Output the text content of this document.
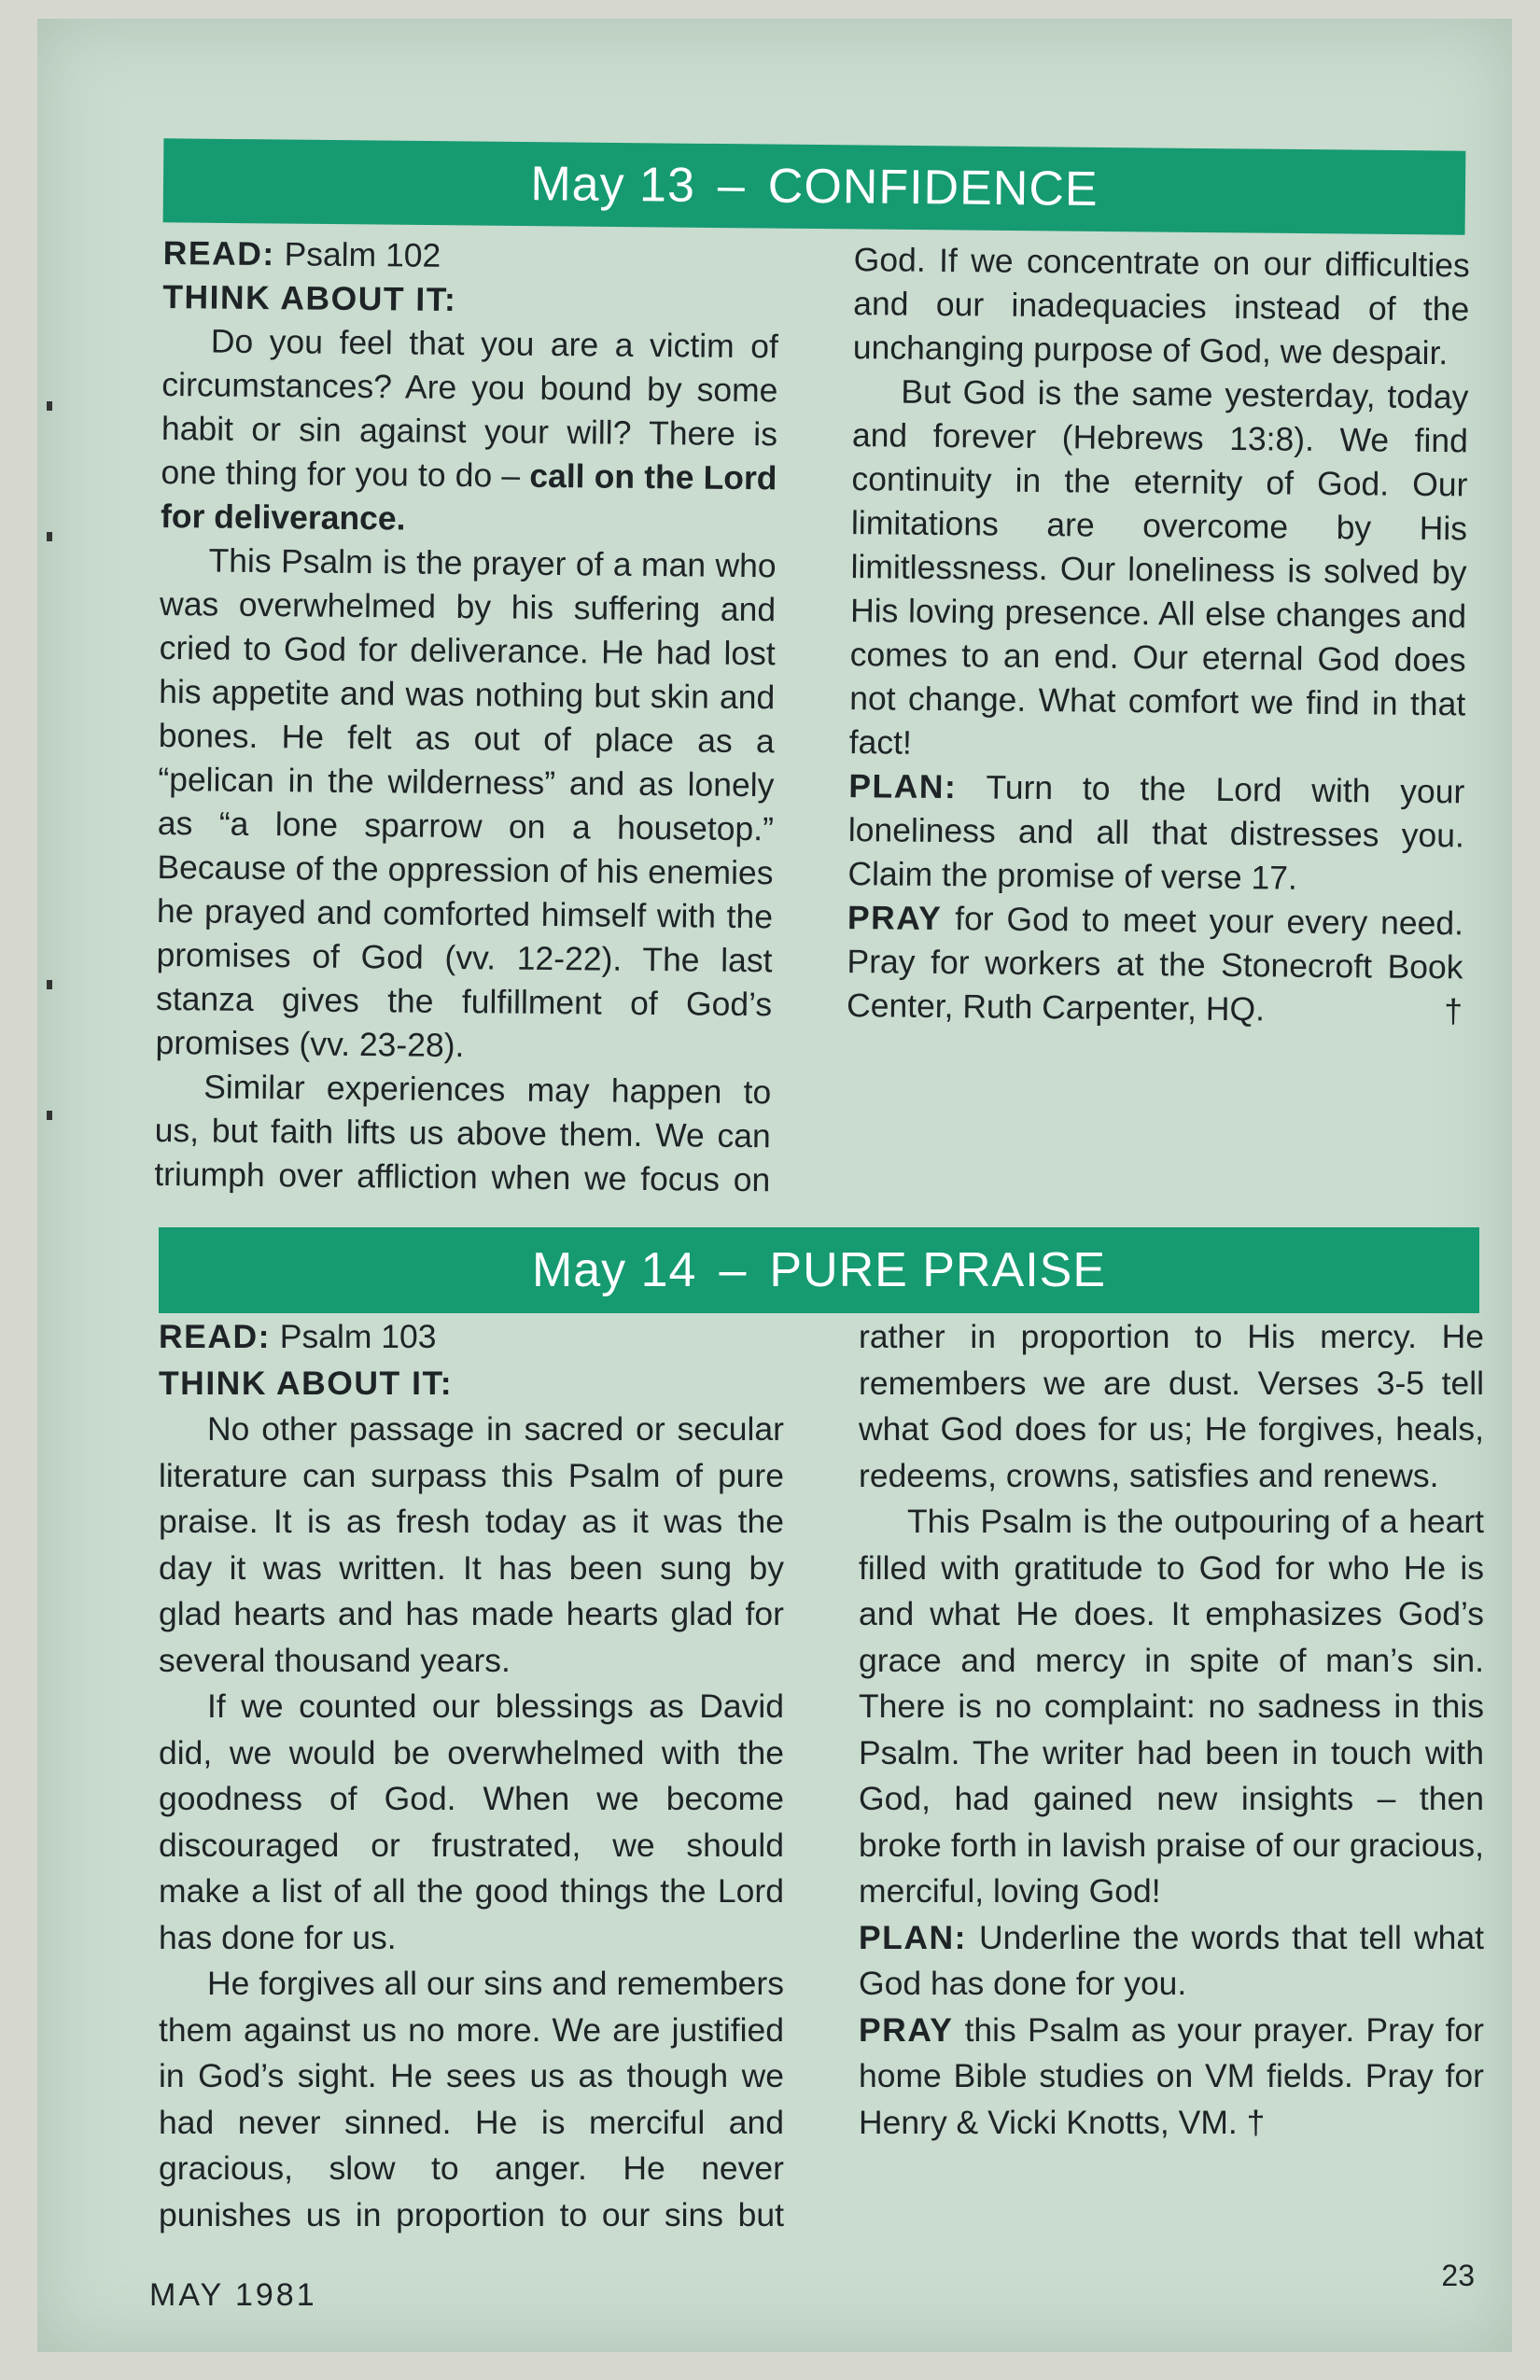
May 13 – CONFIDENCE

READ: Psalm 102

THINK ABOUT IT:

Do you feel that you are a victim of circumstances? Are you bound by some habit or sin against your will? There is one thing for you to do – call on the Lord for deliverance.

This Psalm is the prayer of a man who was overwhelmed by his suffering and cried to God for deliverance. He had lost his appetite and was nothing but skin and bones. He felt as out of place as a “pelican in the wilderness” and as lonely as “a lone sparrow on a housetop.” Because of the oppression of his enemies he prayed and comforted himself with the promises of God (vv. 12-22). The last stanza gives the fulfillment of God’s promises (vv. 23-28).

Similar experiences may happen to us, but faith lifts us above them. We can triumph over affliction when we focus on God. If we concentrate on our difficulties and our inadequacies instead of the unchanging purpose of God, we despair.

But God is the same yesterday, today and forever (Hebrews 13:8). We find continuity in the eternity of God. Our limitations are overcome by His limitlessness. Our loneliness is solved by His loving presence. All else changes and comes to an end. Our eternal God does not change. What comfort we find in that fact!

PLAN: Turn to the Lord with your loneliness and all that distresses you. Claim the promise of verse 17.

PRAY for God to meet your every need. Pray for workers at the Stonecroft Book Center, Ruth Carpenter, HQ.	†

May 14 – PURE PRAISE

READ: Psalm 103

THINK ABOUT IT:

No other passage in sacred or secular literature can surpass this Psalm of pure praise. It is as fresh today as it was the day it was written. It has been sung by glad hearts and has made hearts glad for several thousand years.

If we counted our blessings as David did, we would be overwhelmed with the goodness of God. When we become discouraged or frustrated, we should make a list of all the good things the Lord has done for us.

He forgives all our sins and remembers them against us no more. We are justified in God’s sight. He sees us as though we had never sinned. He is merciful and gracious, slow to anger. He never punishes us in proportion to our sins but rather in proportion to His mercy. He remembers we are dust. Verses 3-5 tell what God does for us; He forgives, heals, redeems, crowns, satisfies and renews.

This Psalm is the outpouring of a heart filled with gratitude to God for who He is and what He does. It emphasizes God’s grace and mercy in spite of man’s sin. There is no complaint: no sadness in this Psalm. The writer had been in touch with God, had gained new insights – then broke forth in lavish praise of our gracious, merciful, loving God!

PLAN: Underline the words that tell what God has done for you.

PRAY this Psalm as your prayer. Pray for home Bible studies on VM fields. Pray for Henry & Vicki Knotts, VM. †

MAY 1981
23
